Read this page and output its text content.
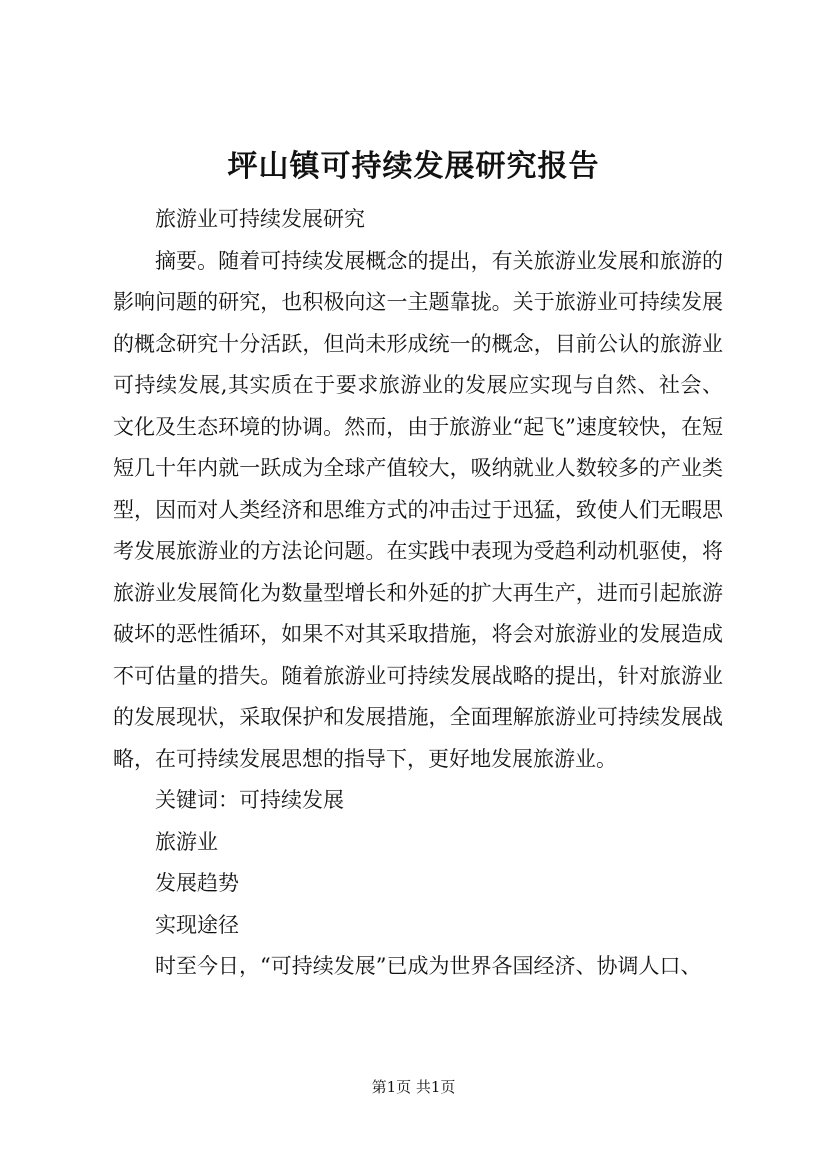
坪山镇可持续发展研究报告

旅游业可持续发展研究

摘要。随着可持续发展概念的提出，有关旅游业发展和旅游的影响问题的研究，也积极向这一主题靠拢。关于旅游业可持续发展的概念研究十分活跃，但尚未形成统一的概念，目前公认的旅游业可持续发展,其实质在于要求旅游业的发展应实现与自然、社会、文化及生态环境的协调。然而，由于旅游业“起飞”速度较快，在短短几十年内就一跃成为全球产值较大，吸纳就业人数较多的产业类型，因而对人类经济和思维方式的冲击过于迅猛，致使人们无暇思考发展旅游业的方法论问题。在实践中表现为受趋利动机驱使，将旅游业发展简化为数量型增长和外延的扩大再生产，进而引起旅游破坏的恶性循环，如果不对其采取措施，将会对旅游业的发展造成不可估量的措失。随着旅游业可持续发展战略的提出，针对旅游业的发展现状，采取保护和发展措施，全面理解旅游业可持续发展战略，在可持续发展思想的指导下，更好地发展旅游业。

关键词：可持续发展

旅游业

发展趋势

实现途径

时至今日，“可持续发展”已成为世界各国经济、协调人口、

第1页 共1页
